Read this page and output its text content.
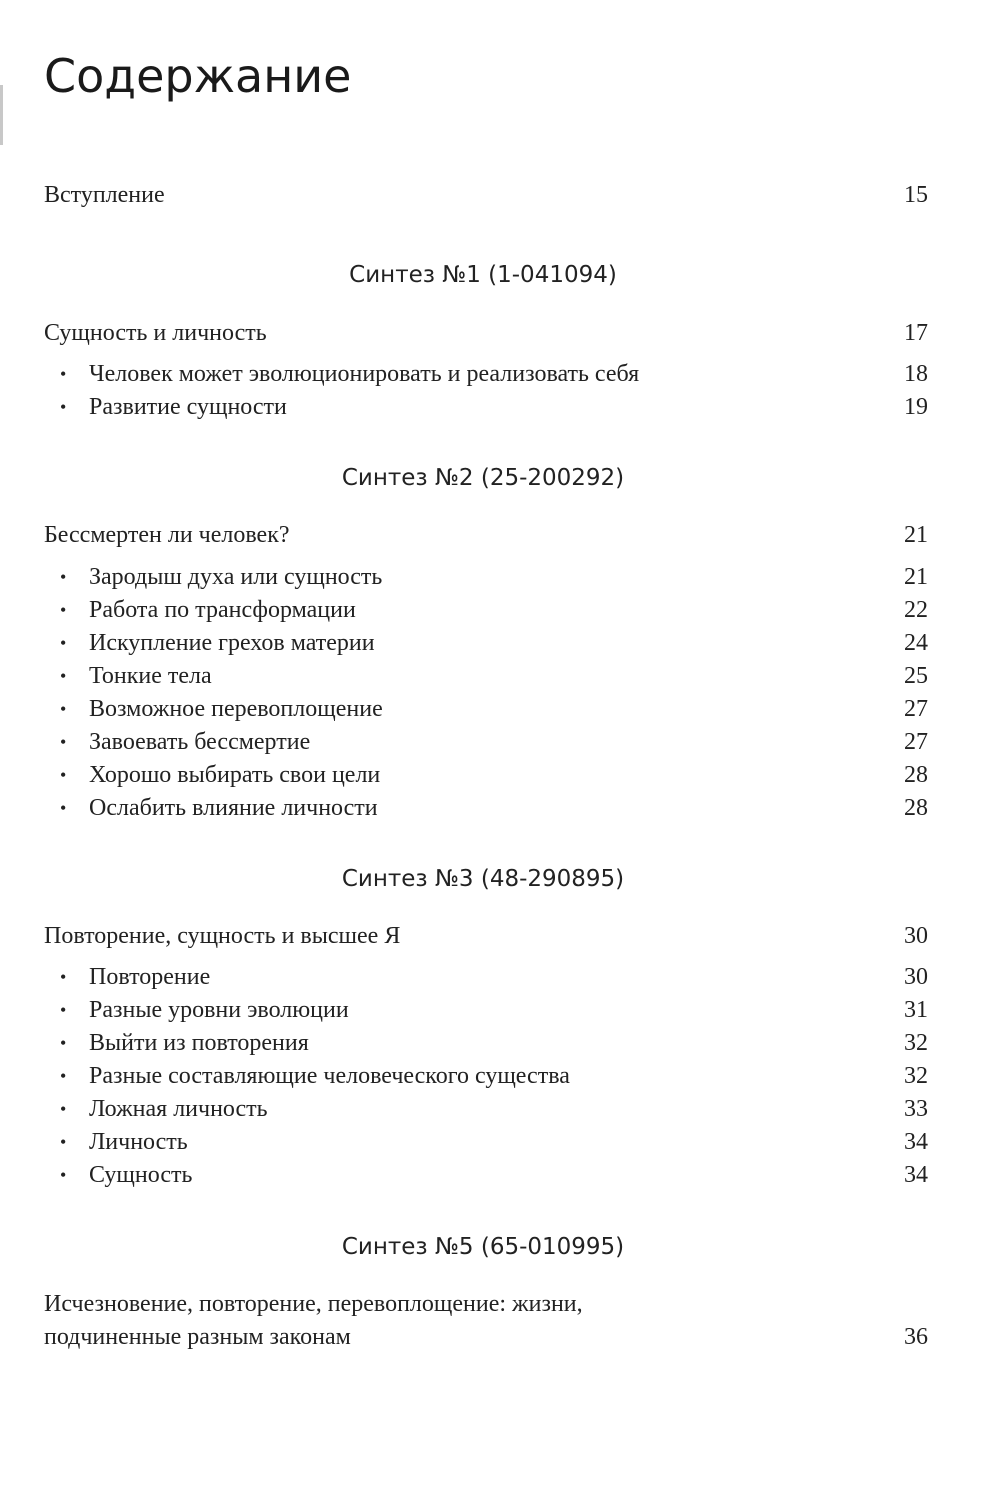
Содержание
Вступление	15
Синтез №1 (1-041094)
Сущность и личность	17
• Человек может эволюционировать и реализовать себя	18
• Развитие сущности	19
Синтез №2 (25-200292)
Бессмертен ли человек?	21
• Зародыш духа или сущность	21
• Работа по трансформации	22
• Искупление грехов материи	24
• Тонкие тела	25
• Возможное перевоплощение	27
• Завоевать бессмертие	27
• Хорошо выбирать свои цели	28
• Ослабить влияние личности	28
Синтез №3 (48-290895)
Повторение, сущность и высшее Я	30
• Повторение	30
• Разные уровни эволюции	31
• Выйти из повторения	32
• Разные составляющие человеческого существа	32
• Ложная личность	33
• Личность	34
• Сущность	34
Синтез №5 (65-010995)
Исчезновение, повторение, перевоплощение: жизни, подчиненные разным законам	36
